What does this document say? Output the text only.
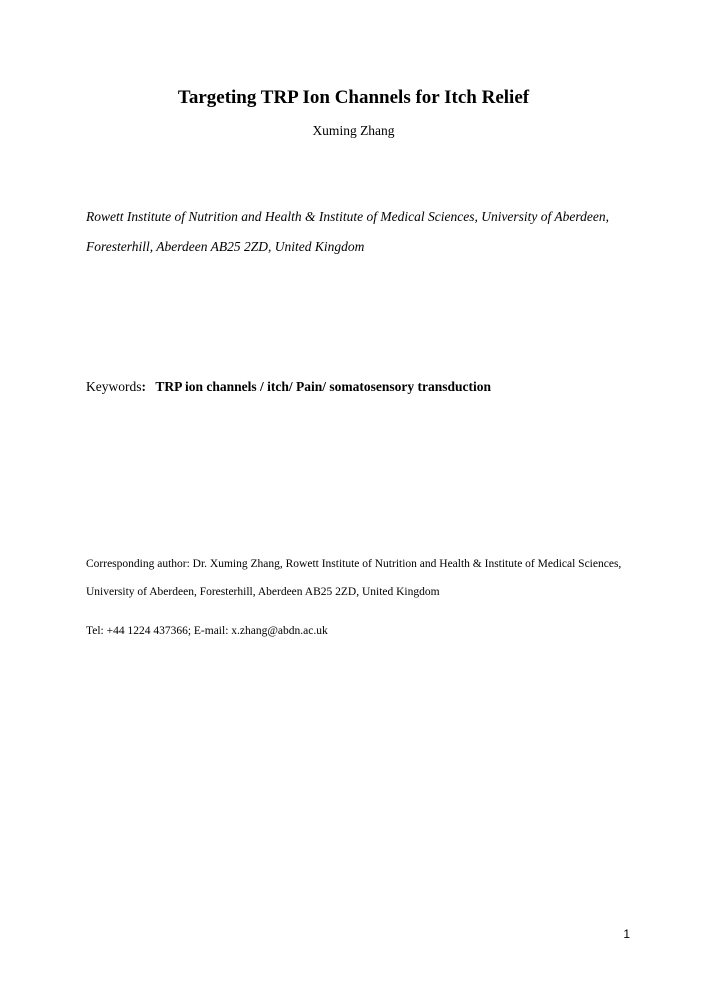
Targeting TRP Ion Channels for Itch Relief
Xuming Zhang

Rowett Institute of Nutrition and Health & Institute of Medical Sciences, University of Aberdeen, Foresterhill, Aberdeen AB25 2ZD, United Kingdom

Keywords: TRP ion channels / itch/ Pain/ somatosensory transduction

Corresponding author: Dr. Xuming Zhang, Rowett Institute of Nutrition and Health & Institute of Medical Sciences, University of Aberdeen, Foresterhill, Aberdeen AB25 2ZD, United Kingdom

Tel: +44 1224 437366; E-mail: x.zhang@abdn.ac.uk
1
